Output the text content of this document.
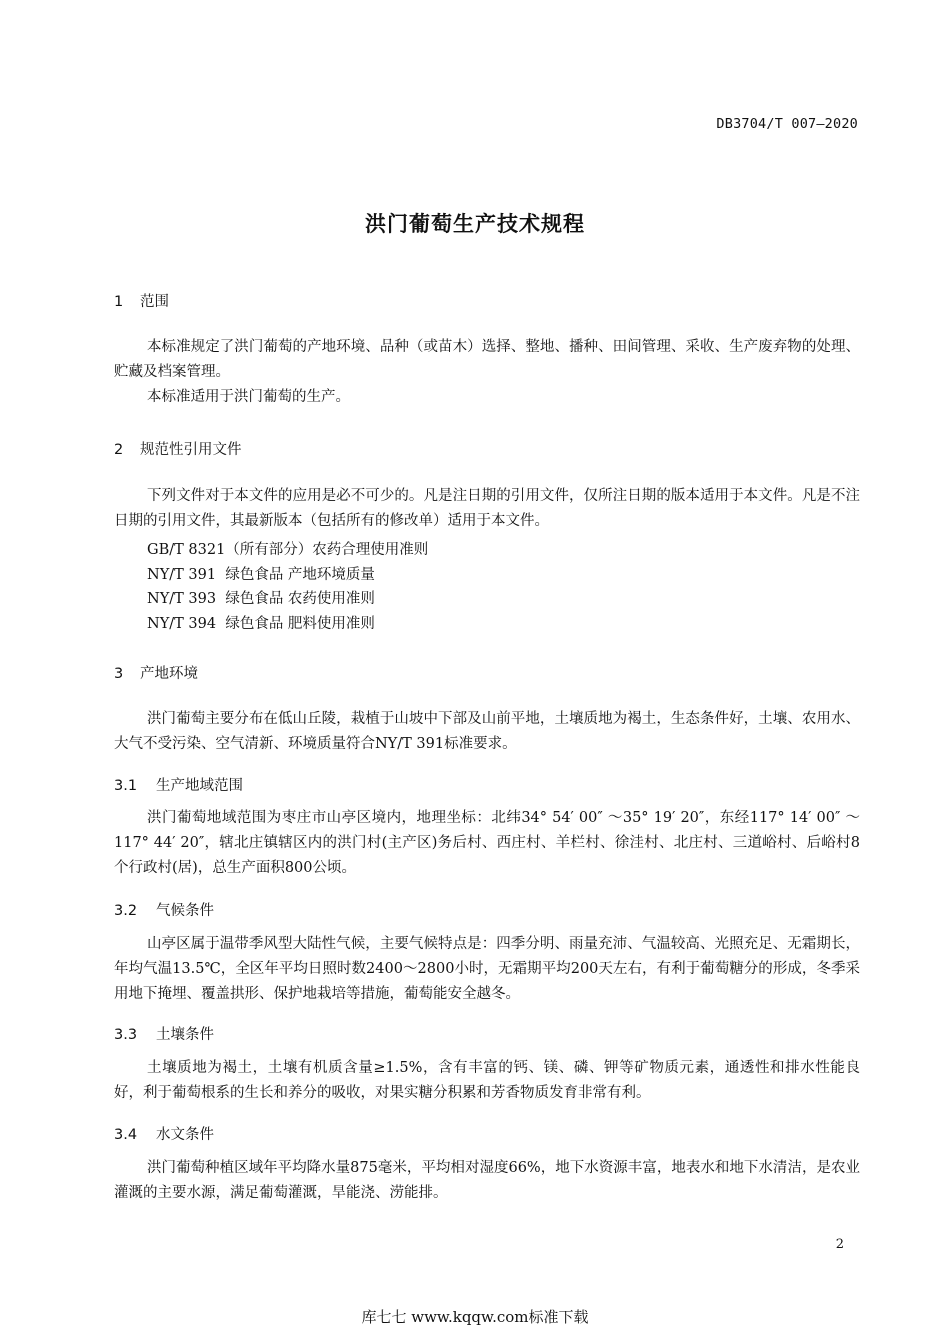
DB3704/T 007—2020
洪门葡萄生产技术规程
1 范围

本标准规定了洪门葡萄的产地环境、品种（或苗木）选择、整地、播种、田间管理、采收、生产废弃物的处理、贮藏及档案管理。

本标准适用于洪门葡萄的生产。

2 规范性引用文件

下列文件对于本文件的应用是必不可少的。凡是注日期的引用文件，仅所注日期的版本适用于本文件。凡是不注日期的引用文件，其最新版本（包括所有的修改单）适用于本文件。

GB/T 8321（所有部分）农药合理使用准则
NY/T 391  绿色食品 产地环境质量
NY/T 393  绿色食品 农药使用准则
NY/T 394  绿色食品 肥料使用准则
3 产地环境

洪门葡萄主要分布在低山丘陵，栽植于山坡中下部及山前平地，土壤质地为褐土，生态条件好，土壤、农用水、大气不受污染、空气清新、环境质量符合NY/T 391标准要求。

3.1 生产地域范围

洪门葡萄地域范围为枣庄市山亭区境内，地理坐标：北纬34° 54′ 00″ ～35° 19′ 20″，东经117° 14′ 00″ ～117° 44′ 20″，辖北庄镇辖区内的洪门村(主产区)务后村、西庄村、羊栏村、徐洼村、北庄村、三道峪村、后峪村8个行政村(居)，总生产面积800公顷。

3.2 气候条件

山亭区属于温带季风型大陆性气候，主要气候特点是：四季分明、雨量充沛、气温较高、光照充足、无霜期长，年均气温13.5℃，全区年平均日照时数2400～2800小时，无霜期平均200天左右，有利于葡萄糖分的形成，冬季采用地下掩埋、覆盖拱形、保护地栽培等措施，葡萄能安全越冬。

3.3 土壤条件

土壤质地为褐土，土壤有机质含量≥1.5%，含有丰富的钙、镁、磷、钾等矿物质元素，通透性和排水性能良好，利于葡萄根系的生长和养分的吸收，对果实糖分积累和芳香物质发育非常有利。

3.4 水文条件

洪门葡萄种植区域年平均降水量875毫米，平均相对湿度66%，地下水资源丰富，地表水和地下水清洁，是农业灌溉的主要水源，满足葡萄灌溉，旱能浇、涝能排。

2
库七七 www.kqqw.com标准下载
